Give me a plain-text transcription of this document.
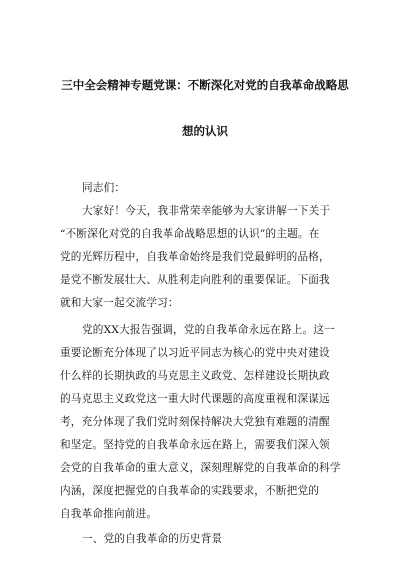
三中全会精神专题党课：不断深化对党的自我革命战略思
想的认识
同志们：
大家好！今天，我非常荣幸能够为大家讲解一下关于
“不断深化对党的自我革命战略思想的认识”的主题。在
党的光辉历程中，自我革命始终是我们党最鲜明的品格，
是党不断发展壮大、从胜利走向胜利的重要保证。下面我
就和大家一起交流学习：
党的XX大报告强调，党的自我革命永远在路上。这一
重要论断充分体现了以习近平同志为核心的党中央对建设
什么样的长期执政的马克思主义政党、怎样建设长期执政
的马克思主义政党这一重大时代课题的高度重视和深谋远
考，充分体现了我们党时刻保持解决大党独有难题的清醒
和坚定。坚持党的自我革命永远在路上，需要我们深入领
会党的自我革命的重大意义，深刻理解党的自我革命的科学
内涵，深度把握党的自我革命的实践要求，不断把党的
自我革命推向前进。
一、党的自我革命的历史背景
